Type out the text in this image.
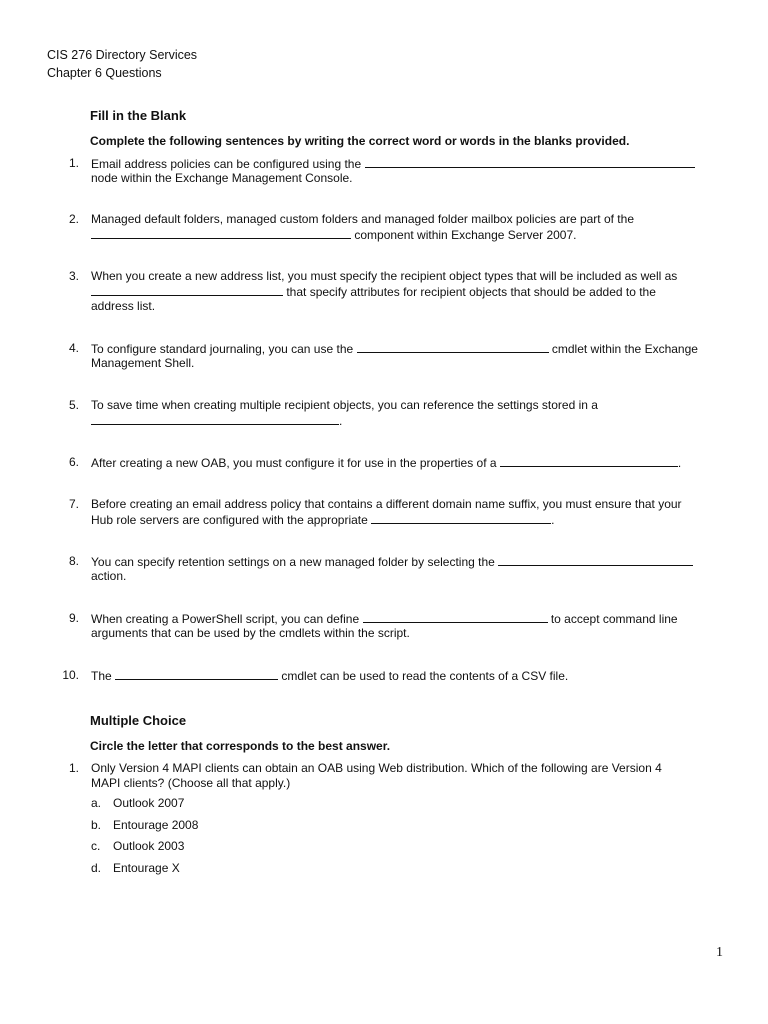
CIS 276 Directory Services
Chapter 6 Questions
Fill in the Blank
Complete the following sentences by writing the correct word or words in the blanks provided.
1. Email address policies can be configured using the
node within the Exchange Management Console.
2. Managed default folders, managed custom folders and managed folder mailbox policies are part of the
component within Exchange Server 2007.
3. When you create a new address list, you must specify the recipient object types that will be included as well as
that specify attributes for recipient objects that should be added to the
address list.
4. To configure standard journaling, you can use the	cmdlet within the Exchange
Management Shell.
5. To save time when creating multiple recipient objects, you can reference the settings stored in a
.
6. After creating a new OAB, you must configure it for use in the properties of a	.
7. Before creating an email address policy that contains a different domain name suffix, you must ensure that your
Hub role servers are configured with the appropriate	.
8. You can specify retention settings on a new managed folder by selecting the
action.
9. When creating a PowerShell script, you can define	to accept command line
arguments that can be used by the cmdlets within the script.
10. The	cmdlet can be used to read the contents of a CSV file.
Multiple Choice
Circle the letter that corresponds to the best answer.
1. Only Version 4 MAPI clients can obtain an OAB using Web distribution. Which of the following are Version 4
MAPI clients? (Choose all that apply.)
a. Outlook 2007
b. Entourage 2008
c. Outlook 2003
d. Entourage X
1
